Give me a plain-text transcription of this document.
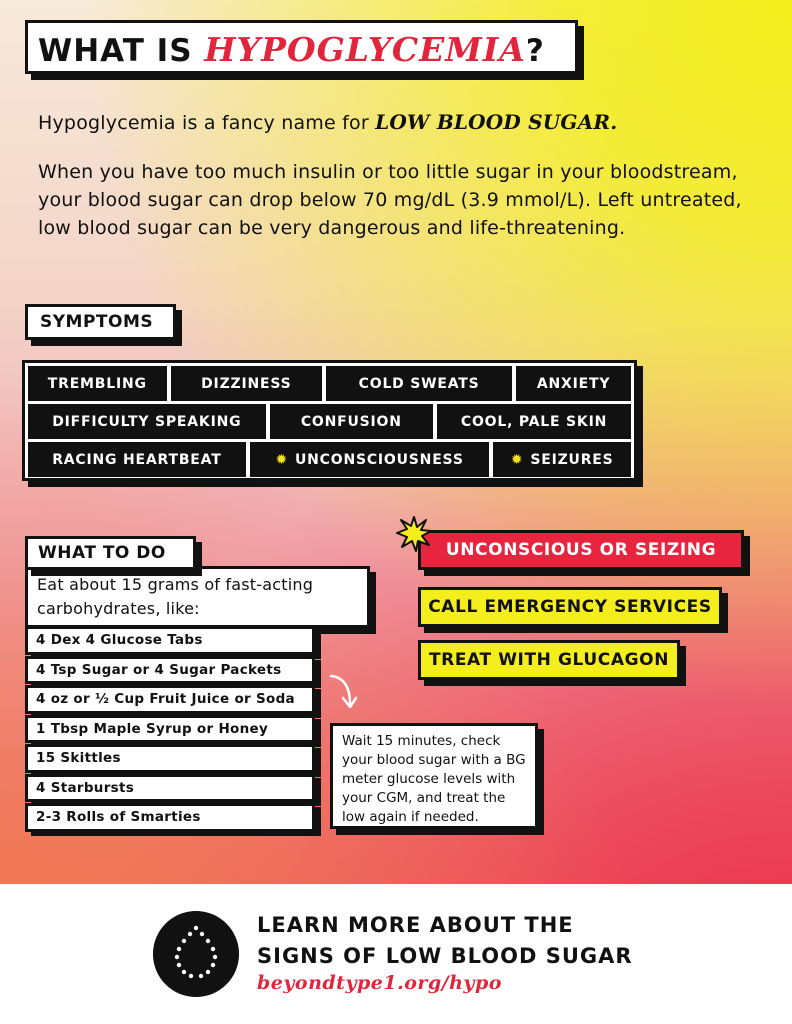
WHAT IS HYPOGLYCEMIA?

Hypoglycemia is a fancy name for LOW BLOOD SUGAR.

When you have too much insulin or too little sugar in your bloodstream, your blood sugar can drop below 70 mg/dL (3.9 mmol/L). Left untreated, low blood sugar can be very dangerous and life-threatening.

SYMPTOMS
TREMBLING	DIZZINESS	COLD SWEATS	ANXIETY
DIFFICULTY SPEAKING	CONFUSION	COOL, PALE SKIN
RACING HEARTBEAT	✹ UNCONSCIOUSNESS	✹ SEIZURES
Eat about 15 grams of fast-acting carbohydrates, like:
WHAT TO DO
4 Dex 4 Glucose Tabs
4 Tsp Sugar or 4 Sugar Packets
4 oz or ½ Cup Fruit Juice or Soda
1 Tbsp Maple Syrup or Honey
15 Skittles
4 Starbursts
2-3 Rolls of Smarties
Wait 15 minutes, check your blood sugar with a BG meter glucose levels with your CGM, and treat the low again if needed.
UNCONSCIOUS OR SEIZING
CALL EMERGENCY SERVICES
TREAT WITH GLUCAGON
LEARN MORE ABOUT THE
SIGNS OF LOW BLOOD SUGAR
beyondtype1.org/hypo
